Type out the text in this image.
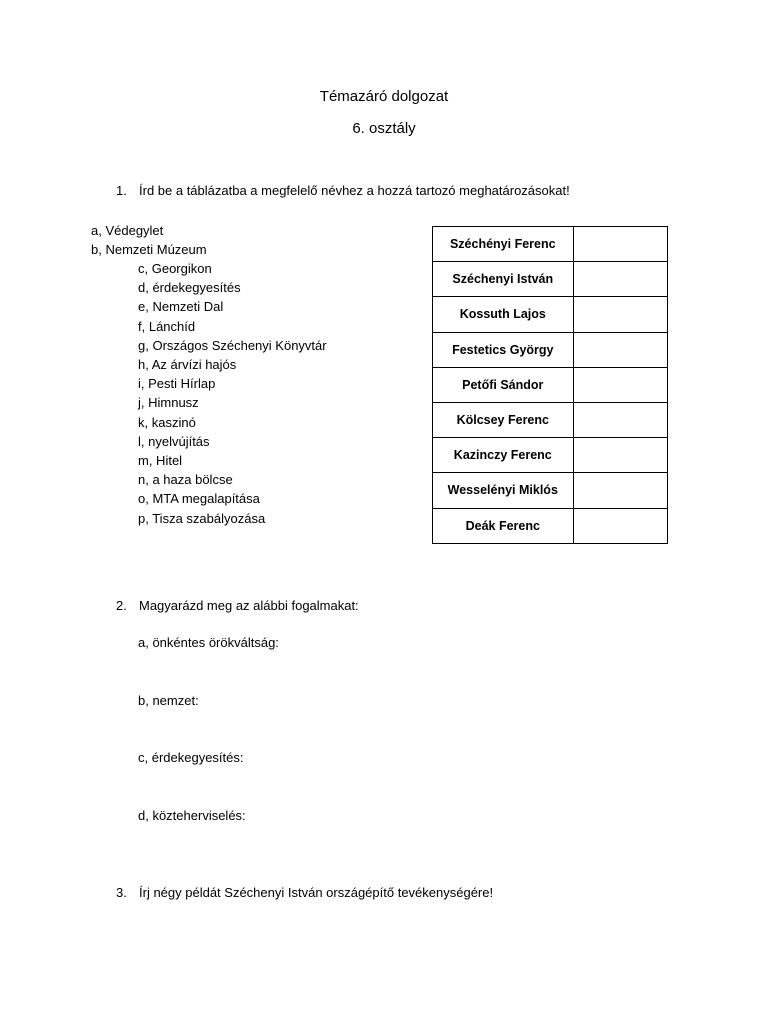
Témazáró dolgozat
6. osztály
1. Írd be a táblázatba a megfelelő névhez a hozzá tartozó meghatározásokat!
a, Védegylet
b, Nemzeti Múzeum
c, Georgikon
d, érdekegyesítés
e, Nemzeti Dal
f, Lánchíd
g, Országos Széchenyi Könyvtár
h, Az árvízi hajós
i, Pesti Hírlap
j, Himnusz
k, kaszinó
l, nyelvújítás
m, Hitel
n, a haza bölcse
o, MTA megalapítása
p, Tisza szabályozása
Széchényi Ferenc	
Széchenyi István	
Kossuth Lajos	
Festetics György	
Petőfi Sándor	
Kölcsey Ferenc	
Kazinczy Ferenc	
Wesselényi Miklós	
Deák Ferenc	
2. Magyarázd meg az alábbi fogalmakat:
a, önkéntes örökváltság:
b, nemzet:
c, érdekegyesítés:
d, közteherviselés:
3. Írj négy példát Széchenyi István országépítő tevékenységére!
